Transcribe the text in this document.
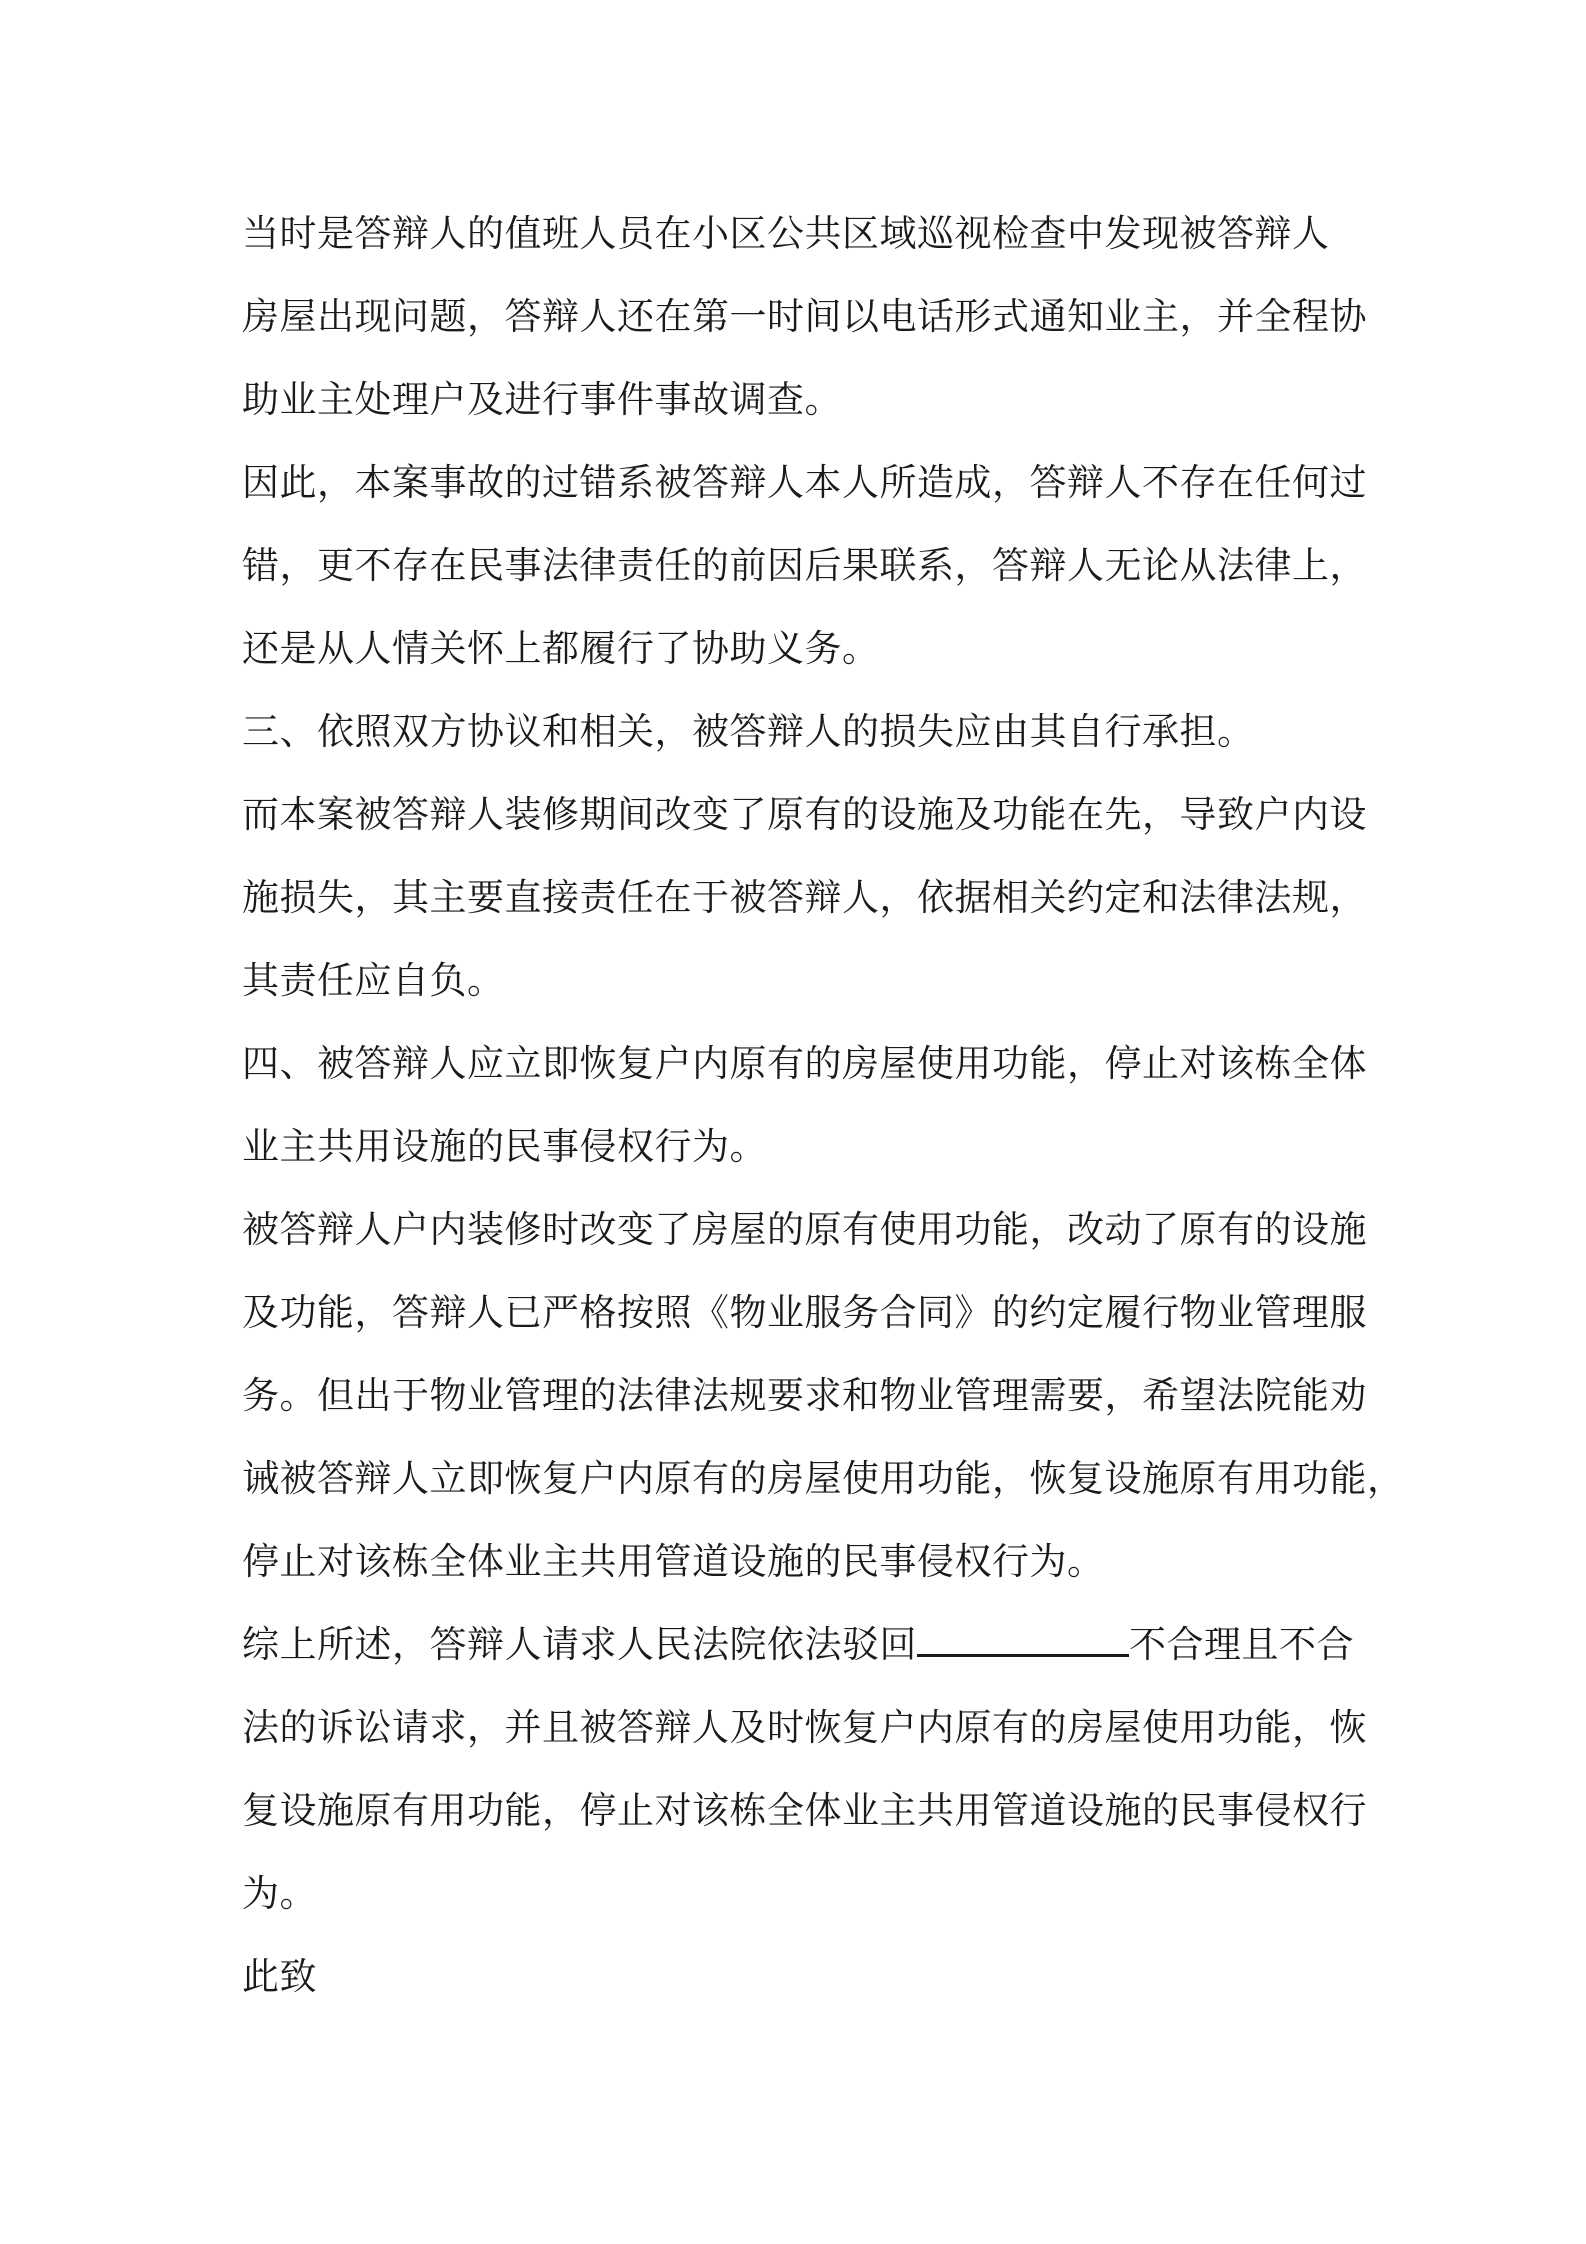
当时是答辩人的值班人员在小区公共区域巡视检查中发现被答辩人
房屋出现问题，答辩人还在第一时间以电话形式通知业主，并全程协
助业主处理户及进行事件事故调查。
因此，本案事故的过错系被答辩人本人所造成，答辩人不存在任何过
错，更不存在民事法律责任的前因后果联系，答辩人无论从法律上，
还是从人情关怀上都履行了协助义务。
三、依照双方协议和相关，被答辩人的损失应由其自行承担。
而本案被答辩人装修期间改变了原有的设施及功能在先，导致户内设
施损失，其主要直接责任在于被答辩人，依据相关约定和法律法规，
其责任应自负。
四、被答辩人应立即恢复户内原有的房屋使用功能，停止对该栋全体
业主共用设施的民事侵权行为。
被答辩人户内装修时改变了房屋的原有使用功能，改动了原有的设施
及功能，答辩人已严格按照《物业服务合同》的约定履行物业管理服
务。但出于物业管理的法律法规要求和物业管理需要，希望法院能劝
诫被答辩人立即恢复户内原有的房屋使用功能，恢复设施原有用功能，
停止对该栋全体业主共用管道设施的民事侵权行为。
综上所述，答辩人请求人民法院依法驳回	不合理且不合
法的诉讼请求，并且被答辩人及时恢复户内原有的房屋使用功能，恢
复设施原有用功能，停止对该栋全体业主共用管道设施的民事侵权行
为。
此致
